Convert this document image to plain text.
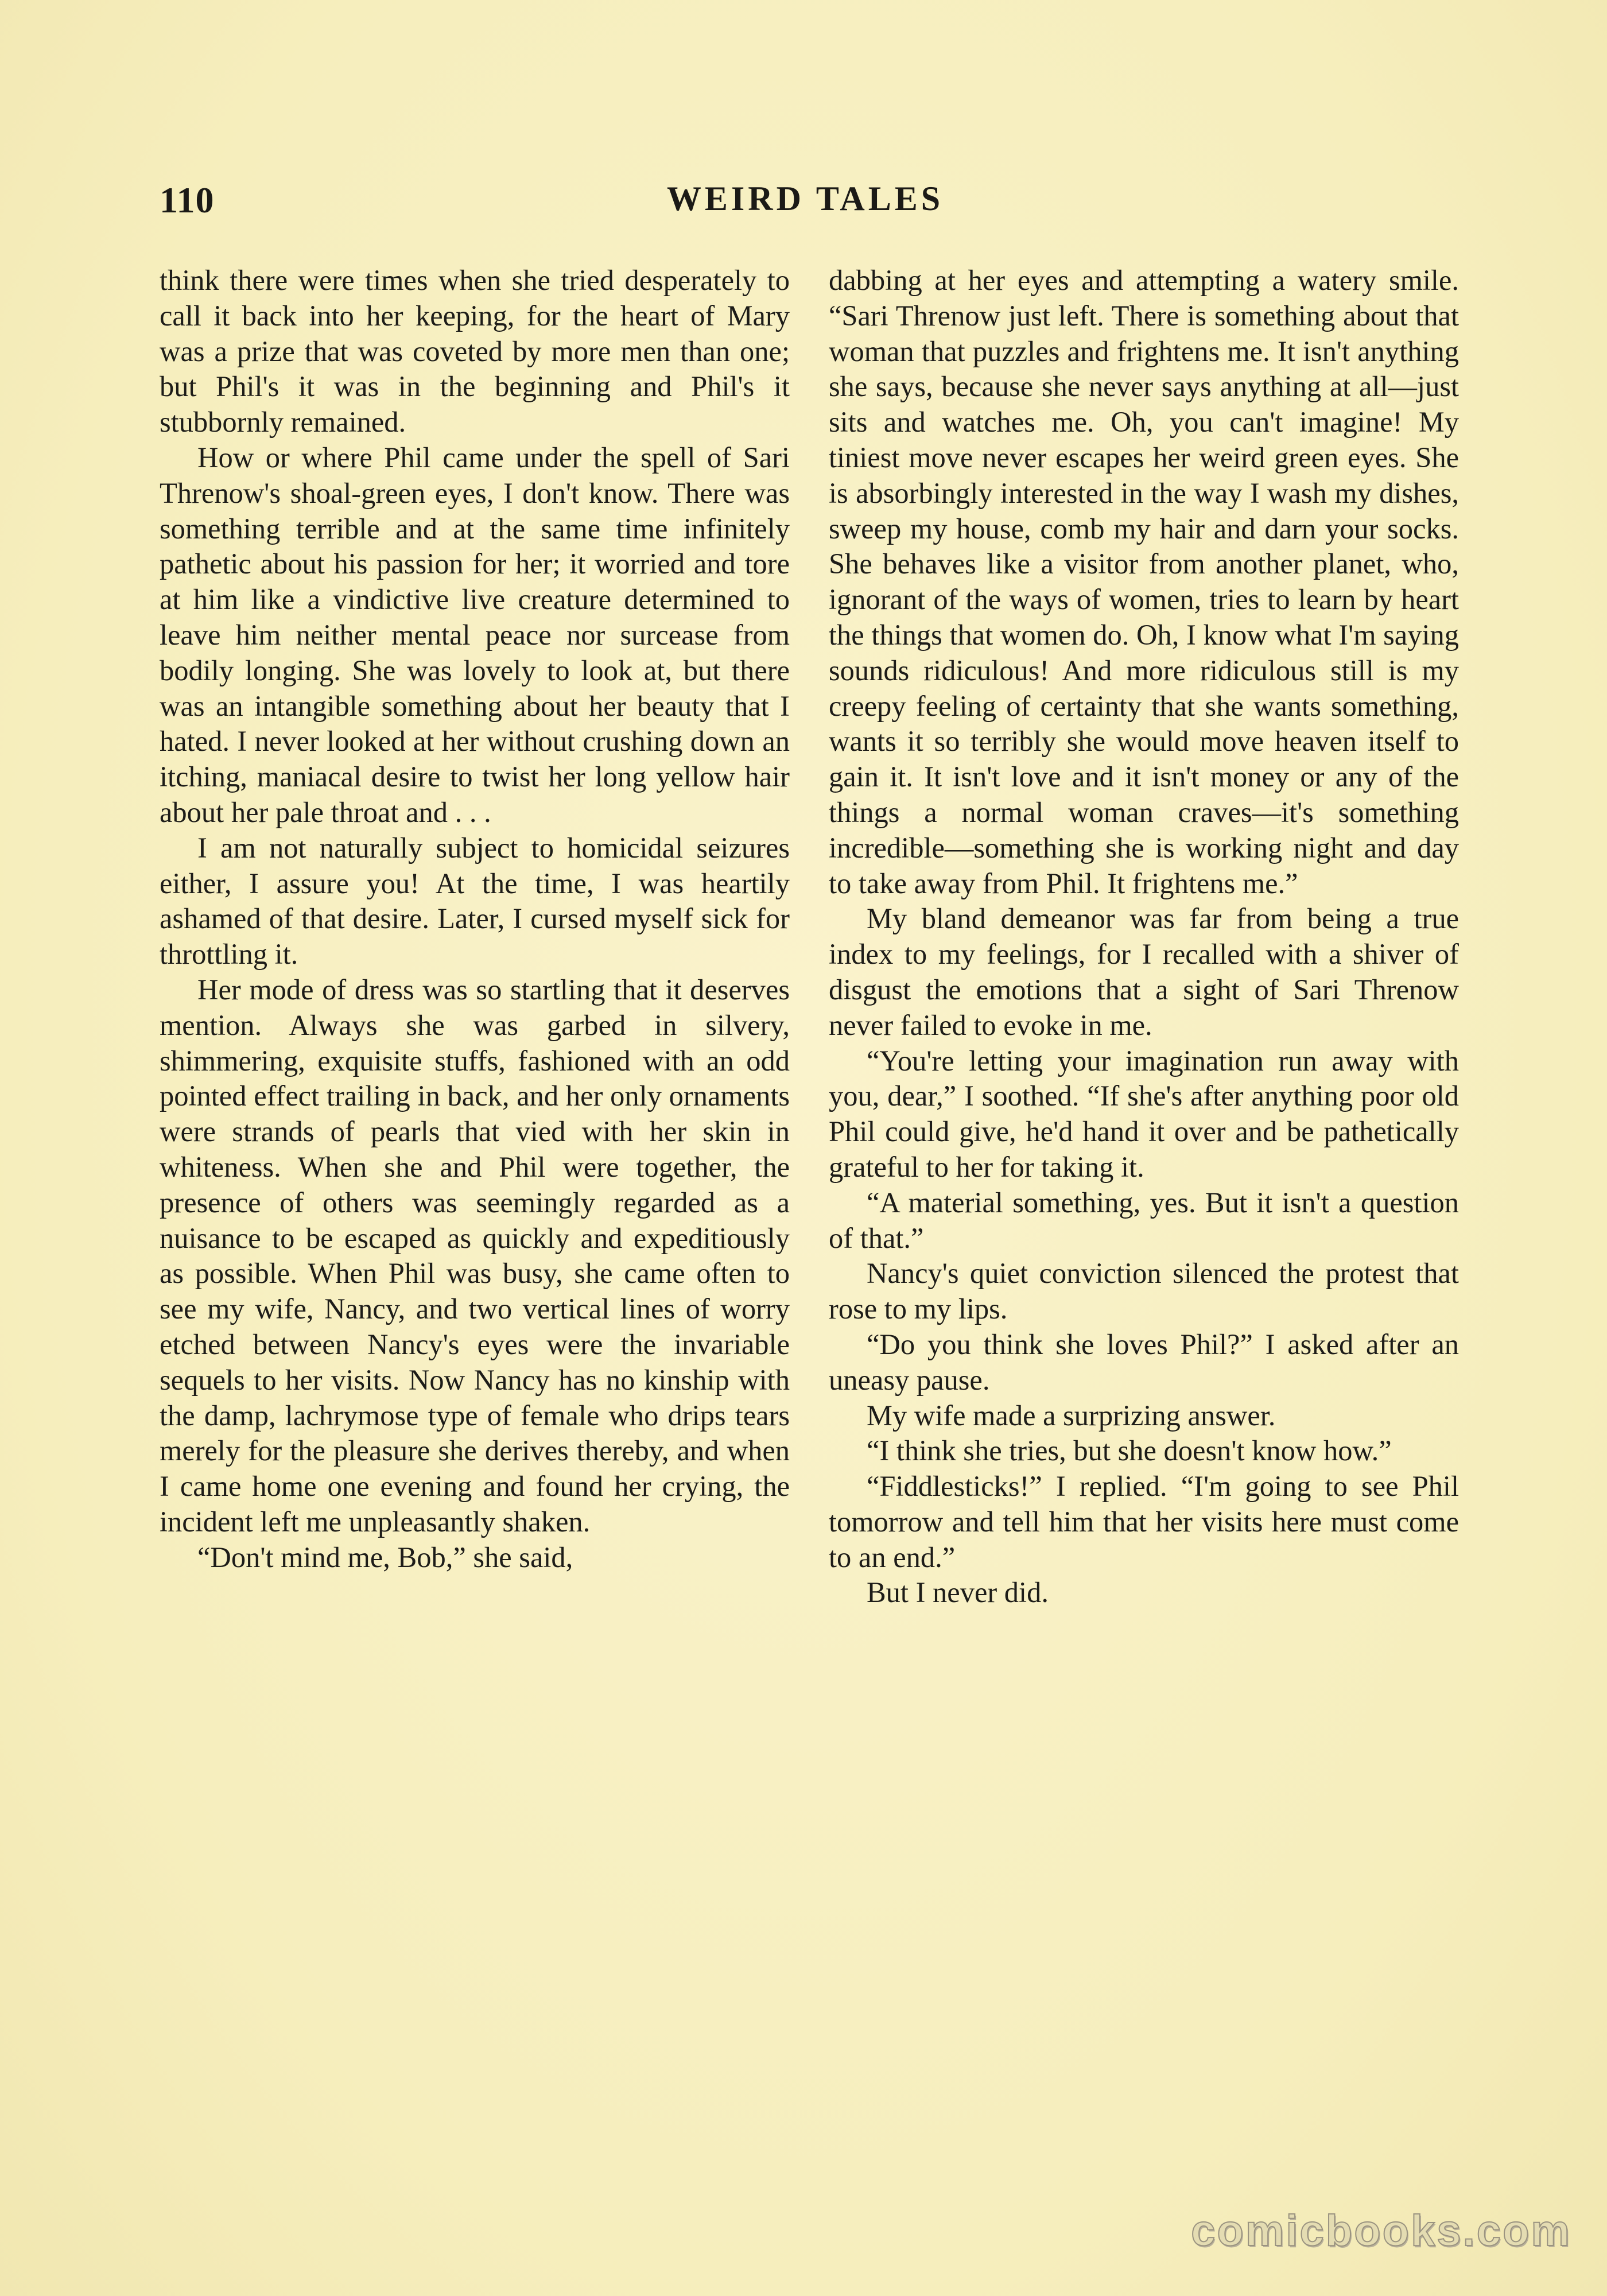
110	WEIRD TALES

think there were times when she tried desperately to call it back into her keeping, for the heart of Mary was a prize that was coveted by more men than one; but Phil's it was in the beginning and Phil's it stubbornly remained.

How or where Phil came under the spell of Sari Threnow's shoal-green eyes, I don't know. There was something terrible and at the same time infinitely pathetic about his passion for her; it worried and tore at him like a vindictive live creature determined to leave him neither mental peace nor surcease from bodily longing. She was lovely to look at, but there was an intangible something about her beauty that I hated. I never looked at her without crushing down an itching, maniacal desire to twist her long yellow hair about her pale throat and . . .

I am not naturally subject to homicidal seizures either, I assure you! At the time, I was heartily ashamed of that desire. Later, I cursed myself sick for throttling it.

Her mode of dress was so startling that it deserves mention. Always she was garbed in silvery, shimmering, exquisite stuffs, fashioned with an odd pointed effect trailing in back, and her only ornaments were strands of pearls that vied with her skin in whiteness. When she and Phil were together, the presence of others was seemingly regarded as a nuisance to be escaped as quickly and expeditiously as possible. When Phil was busy, she came often to see my wife, Nancy, and two vertical lines of worry etched between Nancy's eyes were the invariable sequels to her visits. Now Nancy has no kinship with the damp, lachrymose type of female who drips tears merely for the pleasure she derives thereby, and when I came home one evening and found her crying, the incident left me unpleasantly shaken.

“Don't mind me, Bob,” she said,

dabbing at her eyes and attempting a watery smile. “Sari Threnow just left. There is something about that woman that puzzles and frightens me. It isn't anything she says, because she never says anything at all—just sits and watches me. Oh, you can't imagine! My tiniest move never escapes her weird green eyes. She is absorbingly interested in the way I wash my dishes, sweep my house, comb my hair and darn your socks. She behaves like a visitor from another planet, who, ignorant of the ways of women, tries to learn by heart the things that women do. Oh, I know what I'm saying sounds ridiculous! And more ridiculous still is my creepy feeling of certainty that she wants something, wants it so terribly she would move heaven itself to gain it. It isn't love and it isn't money or any of the things a normal woman craves—it's something incredible—something she is working night and day to take away from Phil. It frightens me.”

My bland demeanor was far from being a true index to my feelings, for I recalled with a shiver of disgust the emotions that a sight of Sari Threnow never failed to evoke in me.

“You're letting your imagination run away with you, dear,” I soothed. “If she's after anything poor old Phil could give, he'd hand it over and be pathetically grateful to her for taking it.

“A material something, yes. But it isn't a question of that.”

Nancy's quiet conviction silenced the protest that rose to my lips.

“Do you think she loves Phil?” I asked after an uneasy pause.

My wife made a surprizing answer.

“I think she tries, but she doesn't know how.”

“Fiddlesticks!” I replied. “I'm going to see Phil tomorrow and tell him that her visits here must come to an end.”

But I never did.

comicbooks.com
